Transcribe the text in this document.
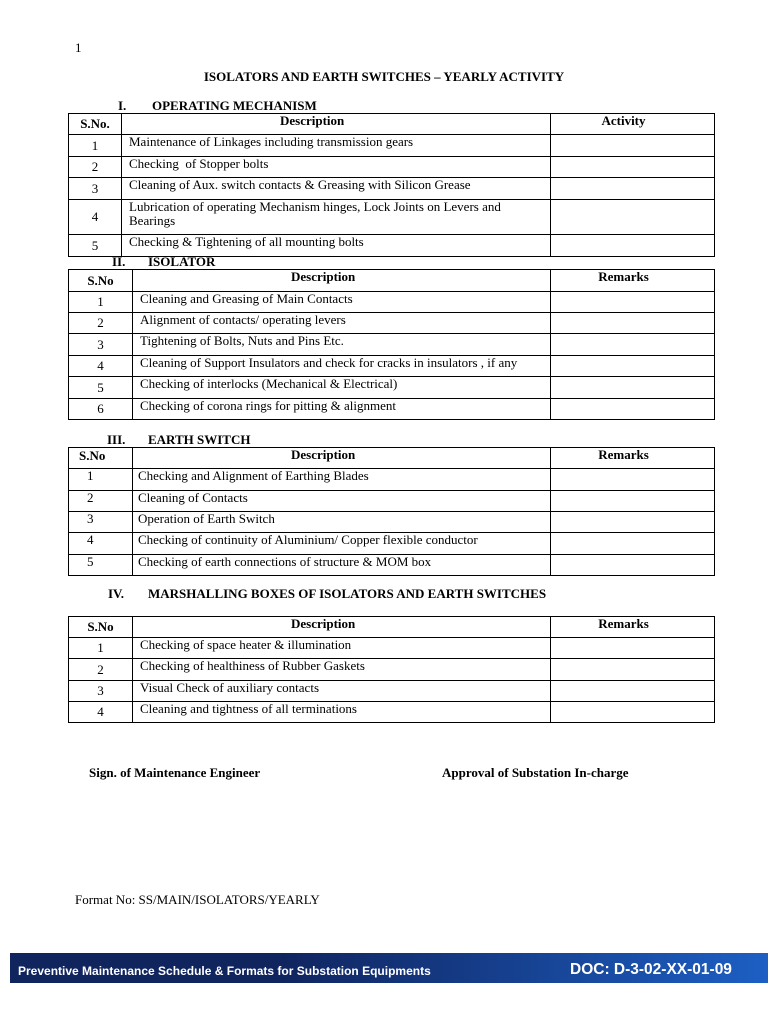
1
ISOLATORS AND EARTH SWITCHES – YEARLY ACTIVITY
I. OPERATING MECHANISM
S.No.	Description	Activity
1	Maintenance of Linkages including transmission gears	
2	Checking  of Stopper bolts	
3	Cleaning of Aux. switch contacts & Greasing with Silicon Grease	
4	Lubrication of operating Mechanism hinges, Lock Joints on Levers and Bearings	
5	Checking & Tightening of all mounting bolts	
II. ISOLATOR
S.No	Description	Remarks
1	Cleaning and Greasing of Main Contacts	
2	Alignment of contacts/ operating levers	
3	Tightening of Bolts, Nuts and Pins Etc.	
4	Cleaning of Support Insulators and check for cracks in insulators , if any	
5	Checking of interlocks (Mechanical & Electrical)	
6	Checking of corona rings for pitting & alignment	
III. EARTH SWITCH
S.No	Description	Remarks
1	Checking and Alignment of Earthing Blades	
2	Cleaning of Contacts	
3	Operation of Earth Switch	
4	Checking of continuity of Aluminium/ Copper flexible conductor	
5	Checking of earth connections of structure & MOM box	
IV. MARSHALLING BOXES OF ISOLATORS AND EARTH SWITCHES
S.No	Description	Remarks
1	Checking of space heater & illumination	
2	Checking of healthiness of Rubber Gaskets	
3	Visual Check of auxiliary contacts	
4	Cleaning and tightness of all terminations	
Sign. of Maintenance Engineer	Approval of Substation In-charge
Format No: SS/MAIN/ISOLATORS/YEARLY
Preventive Maintenance Schedule & Formats for Substation Equipments	DOC: D-3-02-XX-01-09
